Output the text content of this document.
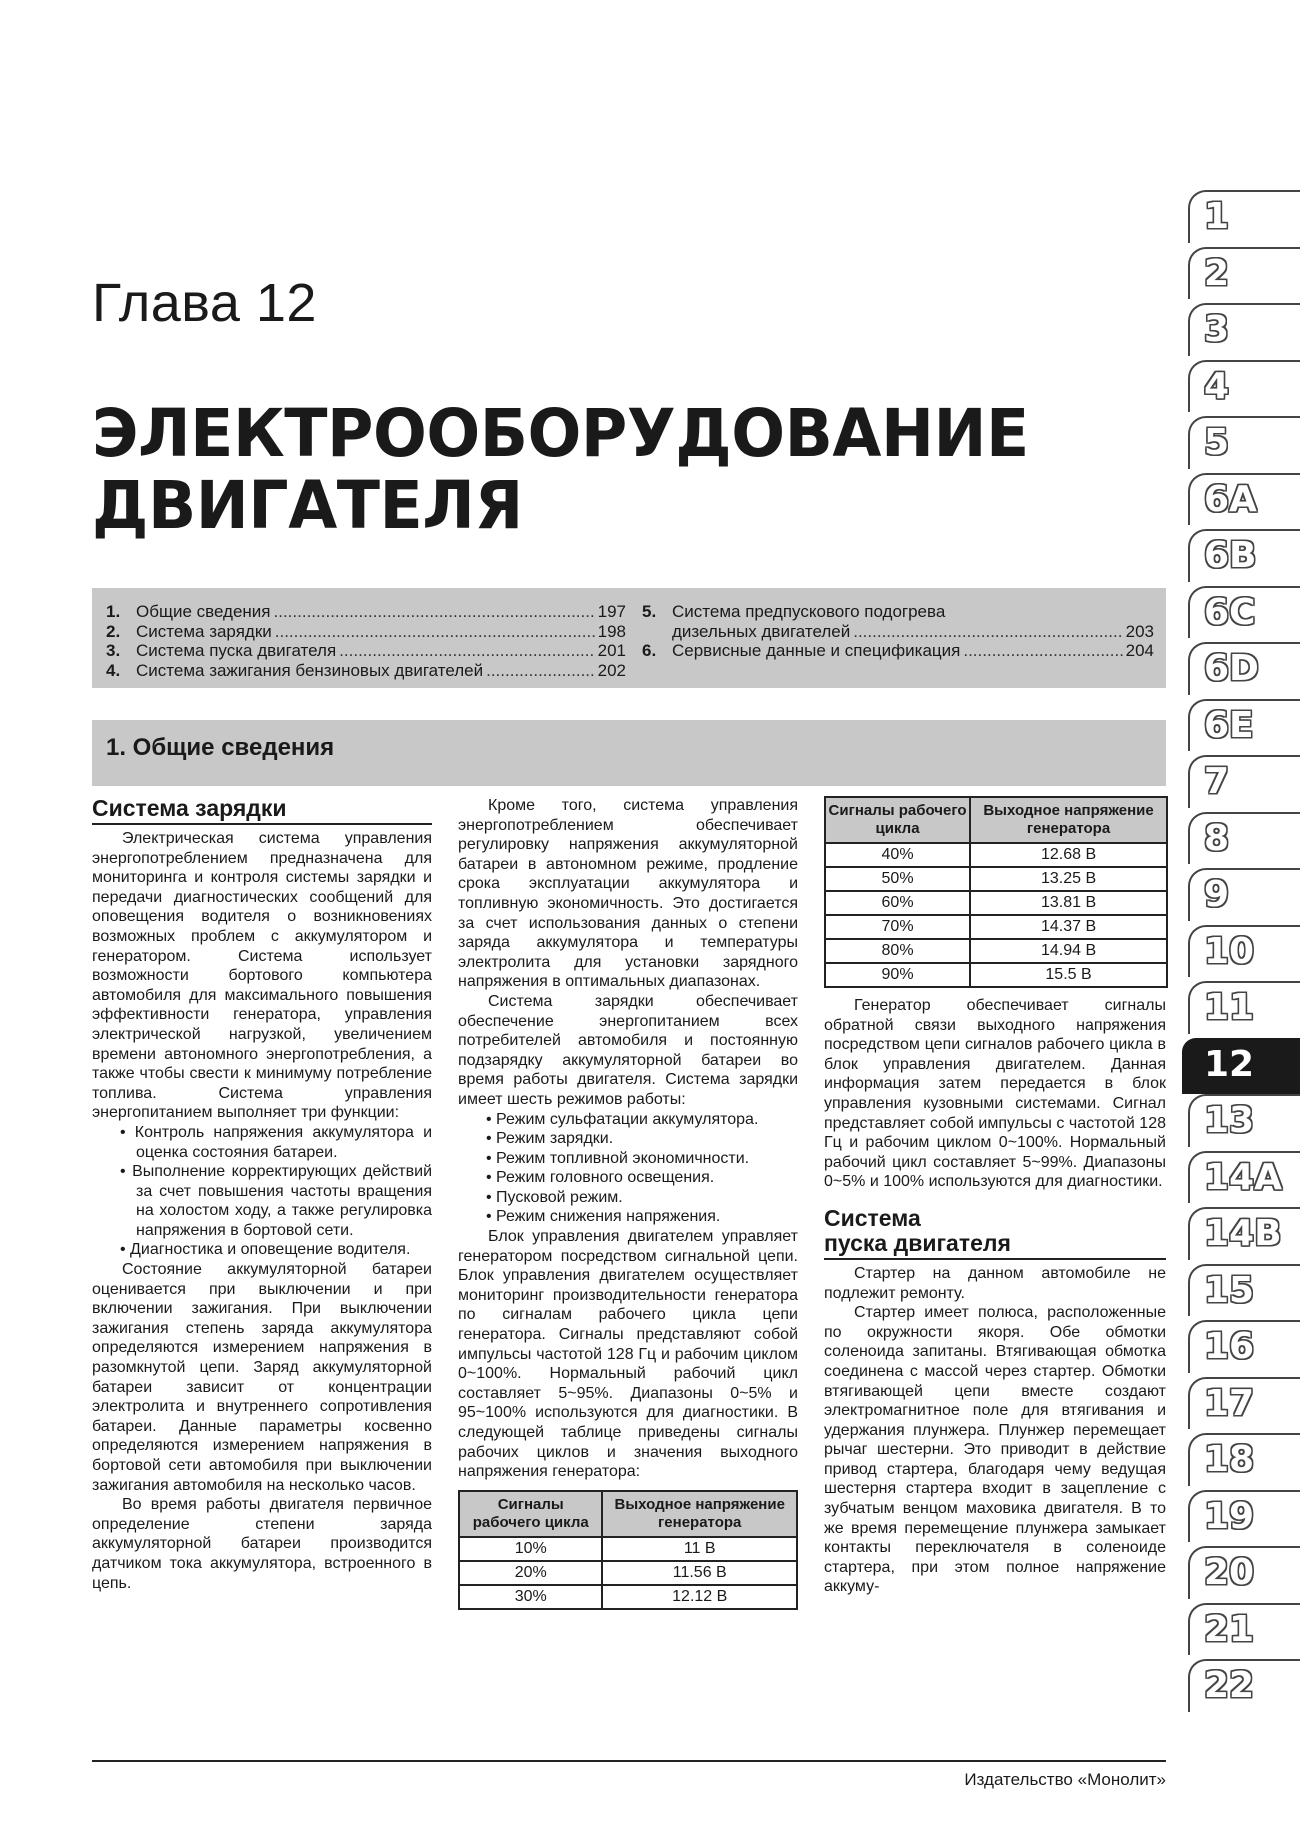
Глава 12
ЭЛЕКТРООБОРУДОВАНИЕ
ДВИГАТЕЛЯ
1. Общие сведения .....	197
2. Система зарядки .....	198
3. Система пуска двигателя .....	201
4. Система зажигания бензиновых двигателей .....	202
5. Система предпускового подогрева
дизельных двигателей .....	203
6. Сервисные данные и спецификация .....	204
1. Общие сведения
Система зарядки

Электрическая система управления энергопотреблением предназначена для мониторинга и контроля системы зарядки и передачи диагностических сообщений для оповещения водителя о возникновениях возможных проблем с аккумулятором и генератором. Система использует возможности бортового компьютера автомобиля для максимального повышения эффективности генератора, управления электрической нагрузкой, увеличением времени автономного энергопотребления, а также чтобы свести к минимуму потребление топлива. Система управления энергопитанием выполняет три функции:

• Контроль напряжения аккумулятора и оценка состояния батареи.
• Выполнение корректирующих действий за счет повышения частоты вращения на холостом ходу, а также регулировка напряжения в бортовой сети.
• Диагностика и оповещение водителя.

Состояние аккумуляторной батареи оценивается при выключении и при включении зажигания. При выключении зажигания степень заряда аккумулятора определяются измерением напряжения в разомкнутой цепи. Заряд аккумуляторной батареи зависит от концентрации электролита и внутреннего сопротивления батареи. Данные параметры косвенно определяются измерением напряжения в бортовой сети автомобиля при выключении зажигания автомобиля на несколько часов.

Во время работы двигателя первичное определение степени заряда аккумуляторной батареи производится датчиком тока аккумулятора, встроенного в цепь.

Кроме того, система управления энергопотреблением обеспечивает регулировку напряжения аккумуляторной батареи в автономном режиме, продление срока эксплуатации аккумулятора и топливную экономичность. Это достигается за счет использования данных о степени заряда аккумулятора и температуры электролита для установки зарядного напряжения в оптимальных диапазонах.

Система зарядки обеспечивает обеспечение энергопитанием всех потребителей автомобиля и постоянную подзарядку аккумуляторной батареи во время работы двигателя. Система зарядки имеет шесть режимов работы:

• Режим сульфатации аккумулятора.
• Режим зарядки.
• Режим топливной экономичности.
• Режим головного освещения.
• Пусковой режим.
• Режим снижения напряжения.

Блок управления двигателем управляет генератором посредством сигнальной цепи. Блок управления двигателем осуществляет мониторинг производительности генератора по сигналам рабочего цикла цепи генератора. Сигналы представляют собой импульсы частотой 128 Гц и рабочим циклом 0~100%. Нормальный рабочий цикл составляет 5~95%. Диапазоны 0~5% и 95~100% используются для диагностики. В следующей таблице приведены сигналы рабочих циклов и значения выходного напряжения генератора:

Сигналы рабочего цикла	Выходное напряжение генератора
10%	11 В
20%	11.56 В
30%	12.12 В
Сигналы рабочего цикла	Выходное напряжение генератора
40%	12.68 В
50%	13.25 В
60%	13.81 В
70%	14.37 В
80%	14.94 В
90%	15.5 В

Генератор обеспечивает сигналы обратной связи выходного напряжения посредством цепи сигналов рабочего цикла в блок управления двигателем. Данная информация затем передается в блок управления кузовными системами. Сигнал представляет собой импульсы с частотой 128 Гц и рабочим циклом 0~100%. Нормальный рабочий цикл составляет 5~99%. Диапазоны 0~5% и 100% используются для диагностики.

Система
пуска двигателя

Стартер на данном автомобиле не подлежит ремонту.

Стартер имеет полюса, расположенные по окружности якоря. Обе обмотки соленоида запитаны. Втягивающая обмотка соединена с массой через стартер. Обмотки втягивающей цепи вместе создают электромагнитное поле для втягивания и удержания плунжера. Плунжер перемещает рычаг шестерни. Это приводит в действие привод стартера, благодаря чему ведущая шестерня стартера входит в зацепление с зубчатым венцом маховика двигателя. В то же время перемещение плунжера замыкает контакты переключателя в соленоиде стартера, при этом полное напряжение аккуму-

1
2
3
4
5
6A
6B
6C
6D
6E
7
8
9
10
11
12
13
14A
14B
15
16
17
18
19
20
21
22
Издательство «Монолит»
